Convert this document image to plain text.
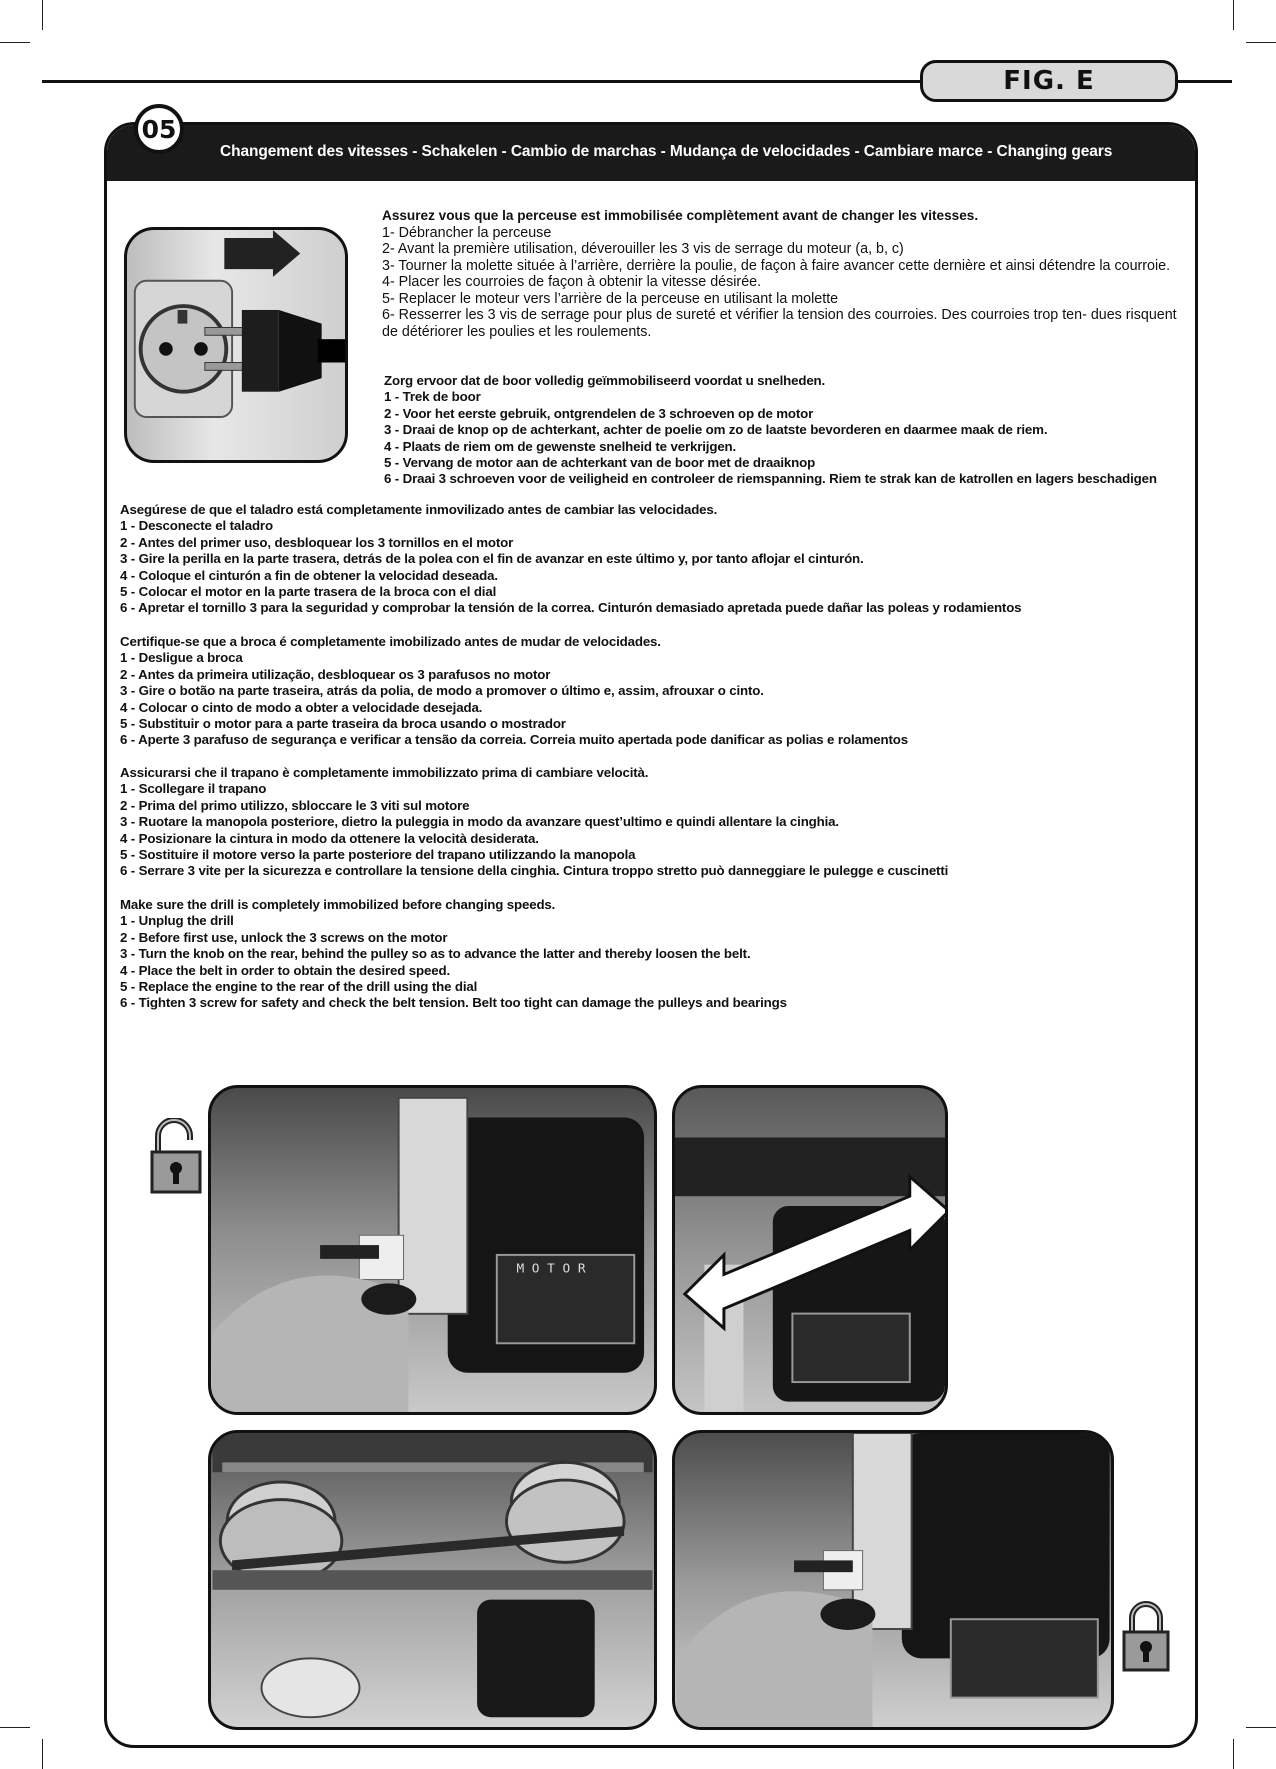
FIG. E
Changement des vitesses - Schakelen - Cambio de marchas - Mudança de velocidades - Cambiare marce - Changing gears
05
Assurez vous que la perceuse est immobilisée complètement avant de changer les vitesses.
1- Débrancher la perceuse
2- Avant la première utilisation, déverouiller les 3 vis de serrage du moteur (a, b, c)
3- Tourner la molette située à l’arrière, derrière la poulie, de façon à faire avancer cette dernière et ainsi détendre la courroie.
4- Placer les courroies de façon à obtenir la vitesse désirée.
5- Replacer le moteur vers l’arrière de la perceuse en utilisant la molette
6- Resserrer les 3 vis de serrage pour plus de sureté et vérifier la tension des courroies. Des courroies trop ten- dues risquent de détériorer les poulies et les roulements.
Zorg ervoor dat de boor volledig geïmmobiliseerd voordat u snelheden.
1 - Trek de boor
2 - Voor het eerste gebruik, ontgrendelen de 3 schroeven op de motor
3 - Draai de knop op de achterkant, achter de poelie om zo de laatste bevorderen en daarmee maak de riem.
4 - Plaats de riem om de gewenste snelheid te verkrijgen.
5 - Vervang de motor aan de achterkant van de boor met de draaiknop
6 - Draai 3 schroeven voor de veiligheid en controleer de riemspanning. Riem te strak kan de katrollen en lagers beschadigen
Asegúrese de que el taladro está completamente inmovilizado antes de cambiar las velocidades.
1 - Desconecte el taladro
2 - Antes del primer uso, desbloquear los 3 tornillos en el motor
3 - Gire la perilla en la parte trasera, detrás de la polea con el fin de avanzar en este último y, por tanto aflojar el cinturón.
4 - Coloque el cinturón a fin de obtener la velocidad deseada.
5 - Colocar el motor en la parte trasera de la broca con el dial
6 - Apretar el tornillo 3 para la seguridad y comprobar la tensión de la correa. Cinturón demasiado apretada puede dañar las poleas y rodamientos
Certifique-se que a broca é completamente imobilizado antes de mudar de velocidades.
1 - Desligue a broca
2 - Antes da primeira utilização, desbloquear os 3 parafusos no motor
3 - Gire o botão na parte traseira, atrás da polia, de modo a promover o último e, assim, afrouxar o cinto.
4 - Colocar o cinto de modo a obter a velocidade desejada.
5 - Substituir o motor para a parte traseira da broca usando o mostrador
6 - Aperte 3 parafuso de segurança e verificar a tensão da correia. Correia muito apertada pode danificar as polias e rolamentos
Assicurarsi che il trapano è completamente immobilizzato prima di cambiare velocità.
1 - Scollegare il trapano
2 - Prima del primo utilizzo, sbloccare le 3 viti sul motore
3 - Ruotare la manopola posteriore, dietro la puleggia in modo da avanzare quest’ultimo e quindi allentare la cinghia.
4 - Posizionare la cintura in modo da ottenere la velocità desiderata.
5 - Sostituire il motore verso la parte posteriore del trapano utilizzando la manopola
6 - Serrare 3 vite per la sicurezza e controllare la tensione della cinghia. Cintura troppo stretto può danneggiare le pulegge e cuscinetti
Make sure the drill is completely immobilized before changing speeds.
1 - Unplug the drill
2 - Before first use, unlock the 3 screws on the motor
3 - Turn the knob on the rear, behind the pulley so as to advance the latter and thereby loosen the belt.
4 - Place the belt in order to obtain the desired speed.
5 - Replace the engine to the rear of the drill using the dial
6 - Tighten 3 screw for safety and check the belt tension. Belt too tight can damage the pulleys and bearings
M O T O R
